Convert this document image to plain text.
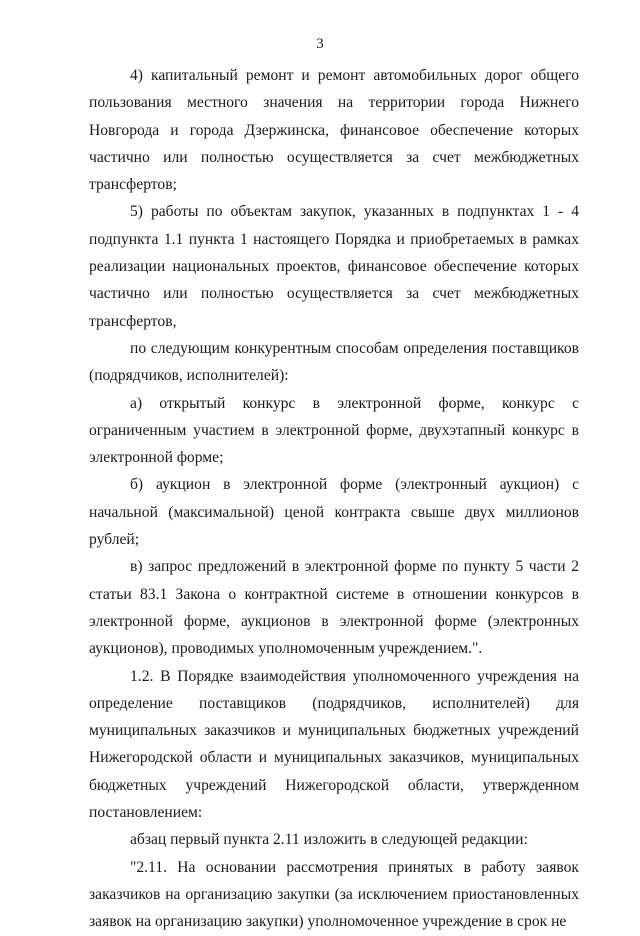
3

4) капитальный ремонт и ремонт автомобильных дорог общего пользования местного значения на территории города Нижнего Новгорода и города Дзержинска, финансовое обеспечение которых частично или полностью осуществляется за счет межбюджетных трансфертов;

5) работы по объектам закупок, указанных в подпунктах 1 - 4 подпункта 1.1 пункта 1 настоящего Порядка и приобретаемых в рамках реализации национальных проектов, финансовое обеспечение которых частично или полностью осуществляется за счет межбюджетных трансфертов,

по следующим конкурентным способам определения поставщиков (подрядчиков, исполнителей):

а) открытый конкурс в электронной форме, конкурс с ограниченным участием в электронной форме, двухэтапный конкурс в электронной форме;

б) аукцион в электронной форме (электронный аукцион) с начальной (максимальной) ценой контракта свыше двух миллионов рублей;

в) запрос предложений в электронной форме по пункту 5 части 2 статьи 83.1 Закона о контрактной системе в отношении конкурсов в электронной форме, аукционов в электронной форме (электронных аукционов), проводимых уполномоченным учреждением.".

1.2. В Порядке взаимодействия уполномоченного учреждения на определение поставщиков (подрядчиков, исполнителей) для муниципальных заказчиков и муниципальных бюджетных учреждений Нижегородской области и муниципальных заказчиков, муниципальных бюджетных учреждений Нижегородской области, утвержденном постановлением:

абзац первый пункта 2.11 изложить в следующей редакции:

"2.11. На основании рассмотрения принятых в работу заявок заказчиков на организацию закупки (за исключением приостановленных заявок на организацию закупки) уполномоченное учреждение в срок не
